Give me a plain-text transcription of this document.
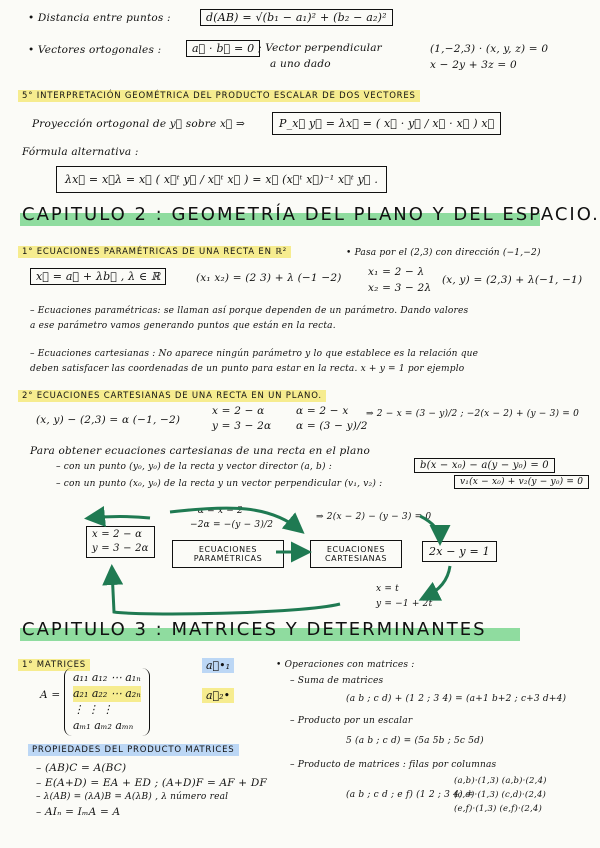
• Distancia entre puntos :	d(AB) = √(b₁ − a₁)² + (b₂ − a₂)²
• Vectores ortogonales :	a⃗ · b⃗ = 0 ; Vector perpendicular
a uno dado
(1,−2,3) · (x, y, z) = 0
x − 2y + 3z = 0
5° INTERPRETACIÓN GEOMÉTRICA DEL PRODUCTO ESCALAR DE DOS VECTORES
Proyección ortogonal de y⃗ sobre x⃗ ⇒	P_x⃗ y⃗ = λx⃗ = ( x⃗ · y⃗ / x⃗ · x⃗ ) x⃗
Fórmula alternativa :
λx⃗ = x⃗λ = x⃗ ( x⃗ᵗ y⃗ / x⃗ᵗ x⃗ ) = x⃗ (x⃗ᵗ x⃗)⁻¹ x⃗ᵗ y⃗ .
CAPITULO 2 : GEOMETRÍA DEL PLANO Y DEL ESPACIO.
1° ECUACIONES PARAMÉTRICAS DE UNA RECTA EN ℝ²
x⃗ = a⃗ + λb⃗ , λ ∈ ℝ	(x₁ x₂) = (2 3) + λ (−1 −2)
• Pasa por el (2,3) con dirección (−1,−2)
x₁ = 2 − λ
x₂ = 3 − 2λ
(x, y) = (2,3) + λ(−1, −1)
– Ecuaciones paramétricas: se llaman así porque dependen de un parámetro. Dando valores
a ese parámetro vamos generando puntos que están en la recta.
– Ecuaciones cartesianas : No aparece ningún parámetro y lo que establece es la relación que
deben satisfacer las coordenadas de un punto para estar en la recta. x + y = 1 por ejemplo
2° ECUACIONES CARTESIANAS DE UNA RECTA EN UN PLANO.
(x, y) − (2,3) = α (−1, −2)
x = 2 − α
y = 3 − 2α
α = 2 − x
α = (3 − y)/2
⇒ 2 − x = (3 − y)/2 ; −2(x − 2) + (y − 3) = 0
Para obtener ecuaciones cartesianas de una recta en el plano
– con un punto (y₀, y₀) de la recta y vector director (a, b) :	b(x − x₀) − a(y − y₀) = 0
– con un punto (x₀, y₀) de la recta y un vector perpendicular (v₁, v₂) :	v₁(x − x₀) + v₂(y − y₀) = 0
−α = x − 2
−2α = −(y − 3)/2
⇒ 2(x − 2) − (y − 3) = 0
x = 2 − α
y = 3 − 2α	ECUACIONES PARAMÉTRICAS
ECUACIONES CARTESIANAS
2x − y = 1
x = t
y = −1 + 2t
CAPITULO 3 : MATRICES Y DETERMINANTES
1° MATRICES
A =
a₁₁ a₁₂ ⋯ a₁ₙ
a₂₁ a₂₂ ⋯ a₂ₙ
⋮ ⋮ ⋮
aₘ₁ aₘ₂ aₘₙ
a⃗•₁
a⃗₂•
PROPIEDADES DEL PRODUCTO MATRICES
– (AB)C = A(BC)
– E(A+D) = EA + ED ; (A+D)F = AF + DF
– λ(AB) = (λA)B = A(λB) , λ número real
– AIₙ = IₘA = A
• Operaciones con matrices :
– Suma de matrices
(a b ; c d) + (1 2 ; 3 4) = (a+1 b+2 ; c+3 d+4)
– Producto por un escalar
5 (a b ; c d) = (5a 5b ; 5c 5d)
– Producto de matrices : filas por columnas
(a b ; c d ; e f) (1 2 ; 3 4) =
(a,b)·(1,3) (a,b)·(2,4)
(c,d)·(1,3) (c,d)·(2,4)
(e,f)·(1,3) (e,f)·(2,4)
